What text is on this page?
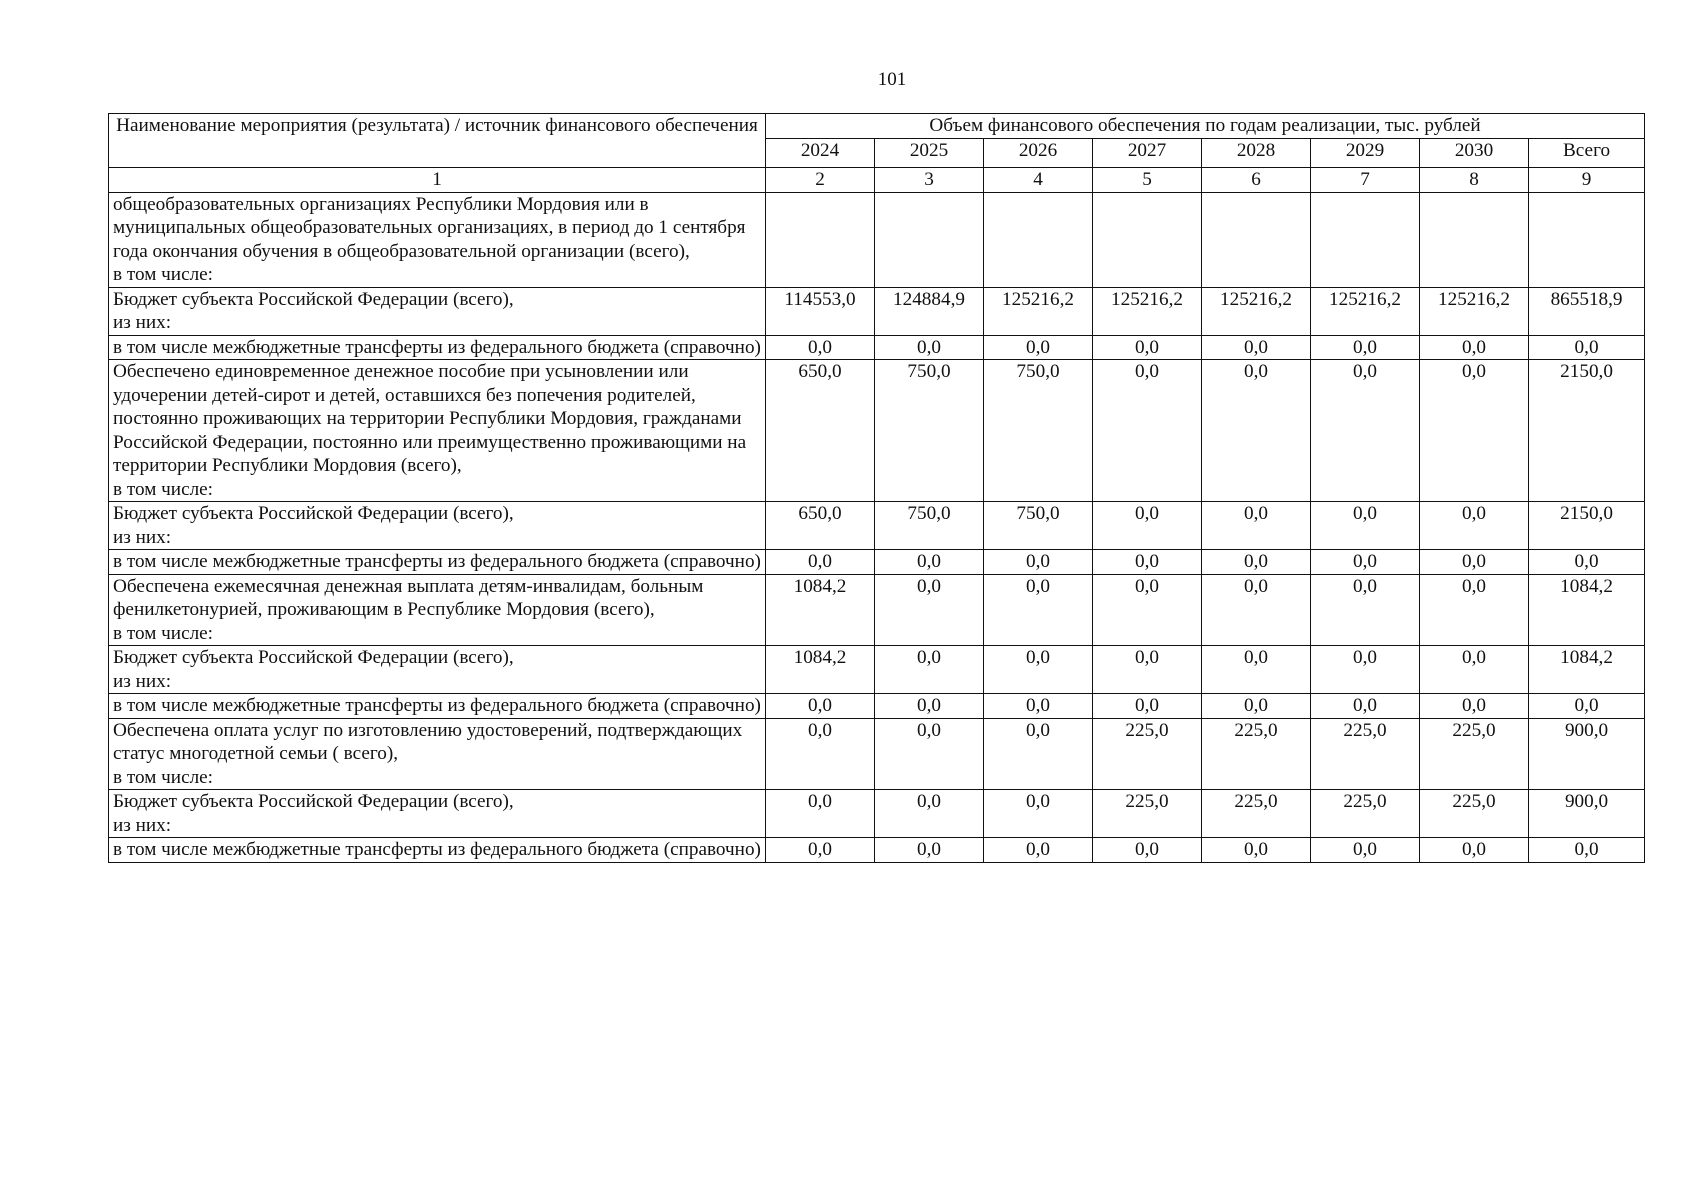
101
Наименование мероприятия (результата) / источник финансового обеспечения	Объем финансового обеспечения по годам реализации, тыс. рублей							
	2024	2025	2026	2027	2028	2029	2030	Всего
1	2	3	4	5	6	7	8	9
общеобразовательных организациях Республики Мордовия или в муниципальных общеобразовательных организациях, в период до 1 сентября года окончания обучения в общеобразовательной организации (всего),
в том числе:								
Бюджет субъекта Российской Федерации (всего),
из них:	114553,0	124884,9	125216,2	125216,2	125216,2	125216,2	125216,2	865518,9
в том числе межбюджетные трансферты из федерального бюджета (справочно)	0,0	0,0	0,0	0,0	0,0	0,0	0,0	0,0
Обеспечено единовременное денежное пособие при усыновлении или удочерении детей-сирот и детей, оставшихся без попечения родителей, постоянно проживающих на территории Республики Мордовия, гражданами Российской Федерации, постоянно или преимущественно проживающими на территории Республики Мордовия (всего),
в том числе:	650,0	750,0	750,0	0,0	0,0	0,0	0,0	2150,0
Бюджет субъекта Российской Федерации (всего),
из них:	650,0	750,0	750,0	0,0	0,0	0,0	0,0	2150,0
в том числе межбюджетные трансферты из федерального бюджета (справочно)	0,0	0,0	0,0	0,0	0,0	0,0	0,0	0,0
Обеспечена ежемесячная денежная выплата детям-инвалидам, больным фенилкетонурией, проживающим в Республике Мордовия (всего),
в том числе:	1084,2	0,0	0,0	0,0	0,0	0,0	0,0	1084,2
Бюджет субъекта Российской Федерации (всего),
из них:	1084,2	0,0	0,0	0,0	0,0	0,0	0,0	1084,2
в том числе межбюджетные трансферты из федерального бюджета (справочно)	0,0	0,0	0,0	0,0	0,0	0,0	0,0	0,0
Обеспечена оплата услуг по изготовлению удостоверений, подтверждающих статус многодетной семьи ( всего),
в том числе:	0,0	0,0	0,0	225,0	225,0	225,0	225,0	900,0
Бюджет субъекта Российской Федерации (всего),
из них:	0,0	0,0	0,0	225,0	225,0	225,0	225,0	900,0
в том числе межбюджетные трансферты из федерального бюджета (справочно)	0,0	0,0	0,0	0,0	0,0	0,0	0,0	0,0
